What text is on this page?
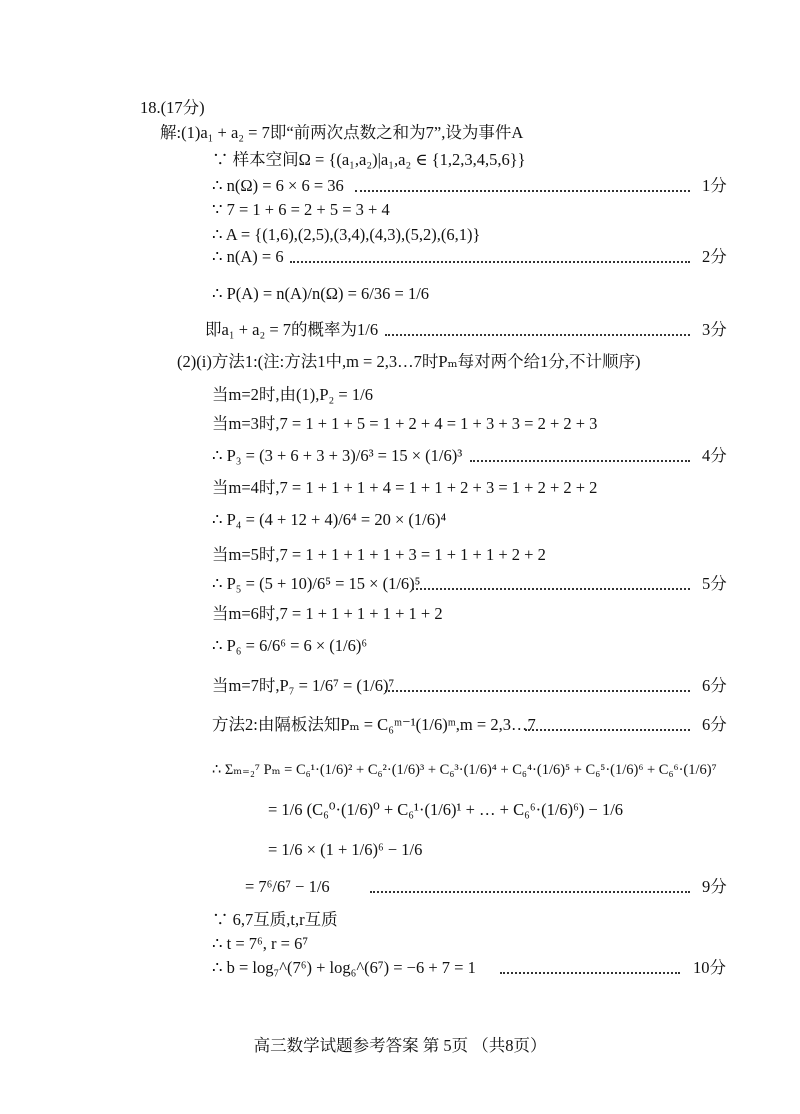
18.(17分)
解:(1)a₁ + a₂ = 7即“前两次点数之和为7”,设为事件A
∵ 样本空间Ω = {(a₁,a₂)|a₁,a₂ ∈ {1,2,3,4,5,6}}
∴ n(Ω) = 6 × 6 = 36	1分
∵ 7 = 1 + 6 = 2 + 5 = 3 + 4
∴ A = {(1,6),(2,5),(3,4),(4,3),(5,2),(6,1)}
∴ n(A) = 6	2分
∴ P(A) = n(A)/n(Ω) = 6/36 = 1/6
即a₁ + a₂ = 7的概率为1/6	3分
(2)(i)方法1:(注:方法1中,m = 2,3…7时Pₘ每对两个给1分,不计顺序)
当m=2时,由(1),P₂ = 1/6
当m=3时,7 = 1 + 1 + 5 = 1 + 2 + 4 = 1 + 3 + 3 = 2 + 2 + 3
∴ P₃ = (3 + 6 + 3 + 3)/6³ = 15 × (1/6)³	4分
当m=4时,7 = 1 + 1 + 1 + 4 = 1 + 1 + 2 + 3 = 1 + 2 + 2 + 2
∴ P₄ = (4 + 12 + 4)/6⁴ = 20 × (1/6)⁴
当m=5时,7 = 1 + 1 + 1 + 1 + 3 = 1 + 1 + 1 + 2 + 2
∴ P₅ = (5 + 10)/6⁵ = 15 × (1/6)⁵	5分
当m=6时,7 = 1 + 1 + 1 + 1 + 1 + 2
∴ P₆ = 6/6⁶ = 6 × (1/6)⁶
当m=7时,P₇ = 1/6⁷ = (1/6)⁷	6分
方法2:由隔板法知Pₘ = C₆ᵐ⁻¹(1/6)ᵐ,m = 2,3…7	6分
∴ Σₘ₌₂⁷ Pₘ = C₆¹·(1/6)² + C₆²·(1/6)³ + C₆³·(1/6)⁴ + C₆⁴·(1/6)⁵ + C₆⁵·(1/6)⁶ + C₆⁶·(1/6)⁷
= 1/6 (C₆⁰·(1/6)⁰ + C₆¹·(1/6)¹ + … + C₆⁶·(1/6)⁶) − 1/6
= 1/6 × (1 + 1/6)⁶ − 1/6
= 7⁶/6⁷ − 1/6	9分
∵ 6,7互质,t,r互质
∴ t = 7⁶, r = 6⁷
∴ b = log₇^(7⁶) + log₆^(6⁷) = −6 + 7 = 1	10分
高三数学试题参考答案 第 5页 （共8页）
